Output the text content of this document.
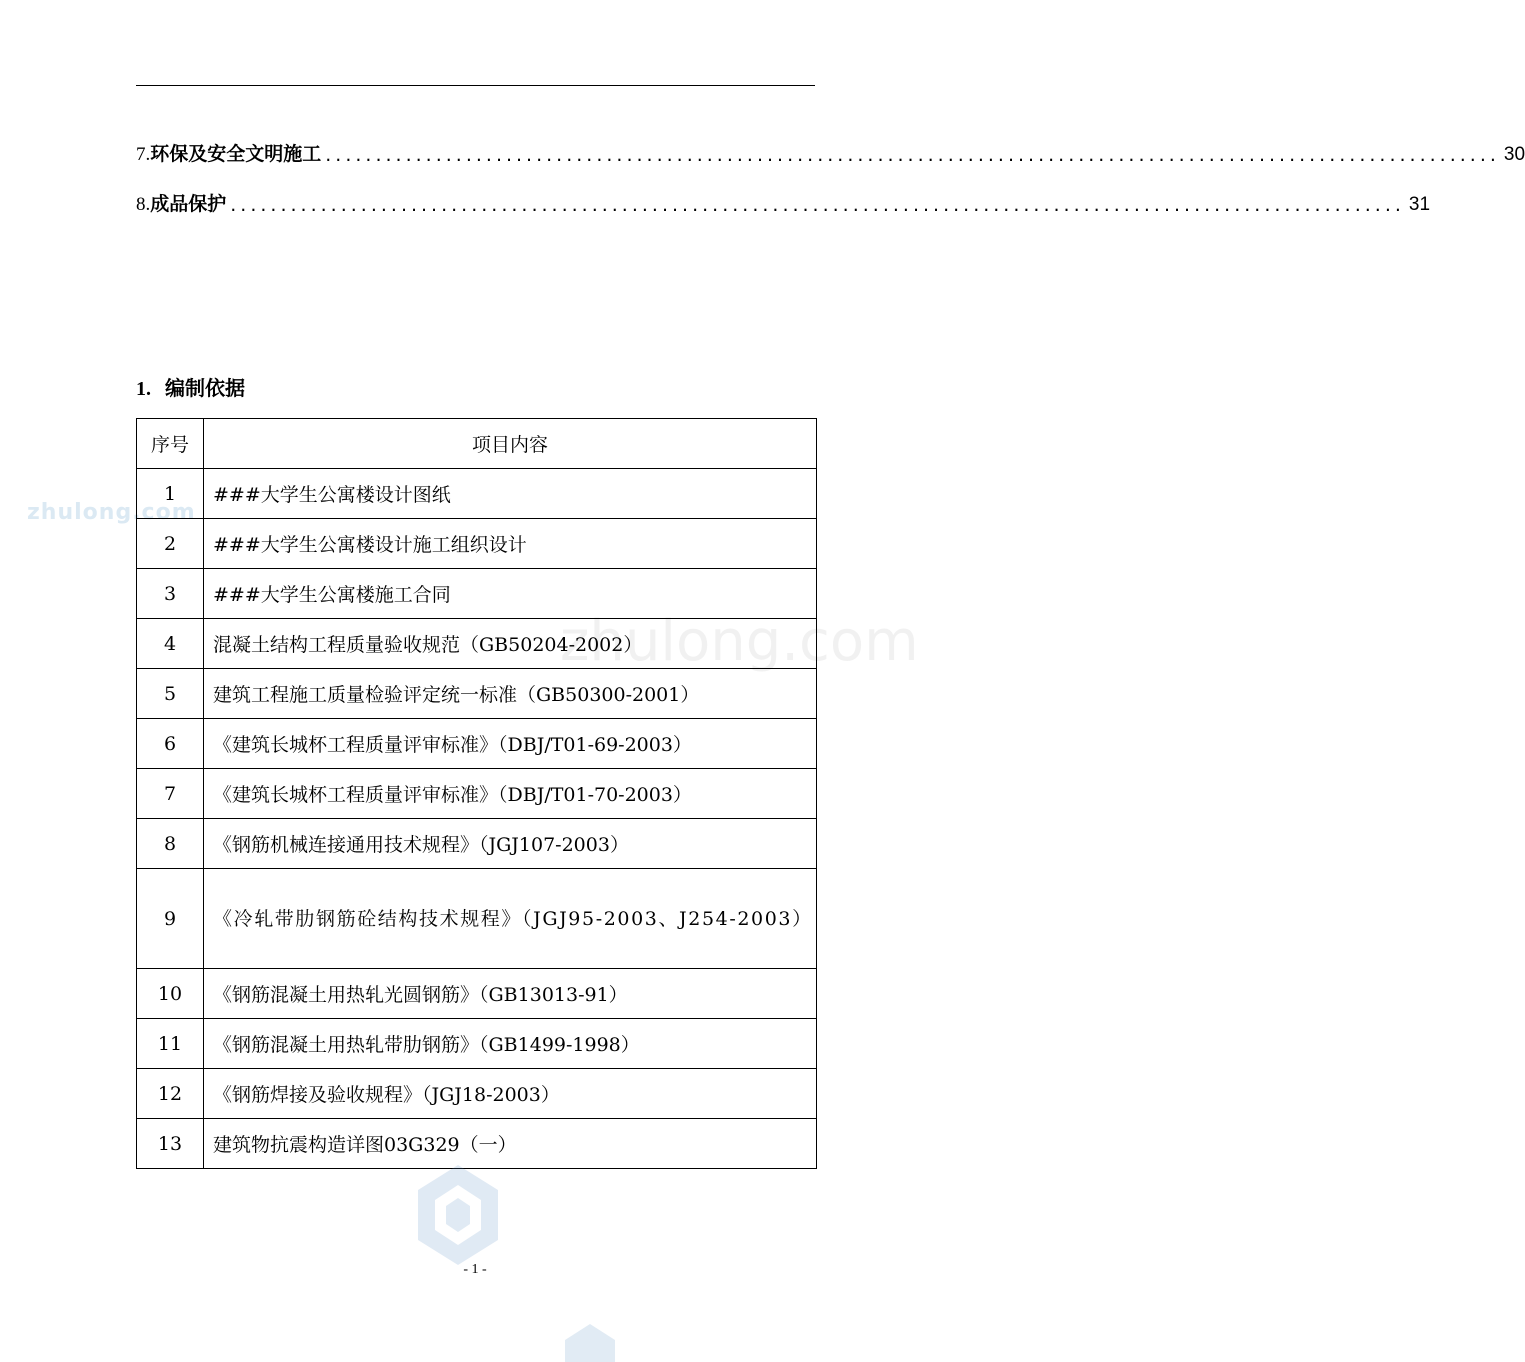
7. 环保及安全文明施工 ..................................................................................................................... 30
8. 成品保护 ..................................................................................................................... 31
1. 编制依据
zhulong.com
zhulong.com
序号	项目内容
1	###大学生公寓楼设计图纸
2	###大学生公寓楼设计施工组织设计
3	###大学生公寓楼施工合同
4	混凝土结构工程质量验收规范（GB50204-2002）
5	建筑工程施工质量检验评定统一标准（GB50300-2001）
6	《建筑长城杯工程质量评审标准》（DBJ/T01-69-2003）
7	《建筑长城杯工程质量评审标准》（DBJ/T01-70-2003）
8	《钢筋机械连接通用技术规程》（JGJ107-2003）
9	《冷轧带肋钢筋砼结构技术规程》（JGJ95-2003、J254-2003）
10	《钢筋混凝土用热轧光圆钢筋》（GB13013-91）
11	《钢筋混凝土用热轧带肋钢筋》（GB1499-1998）
12	《钢筋焊接及验收规程》（JGJ18-2003）
13	建筑物抗震构造详图03G329（一）
- 1 -
